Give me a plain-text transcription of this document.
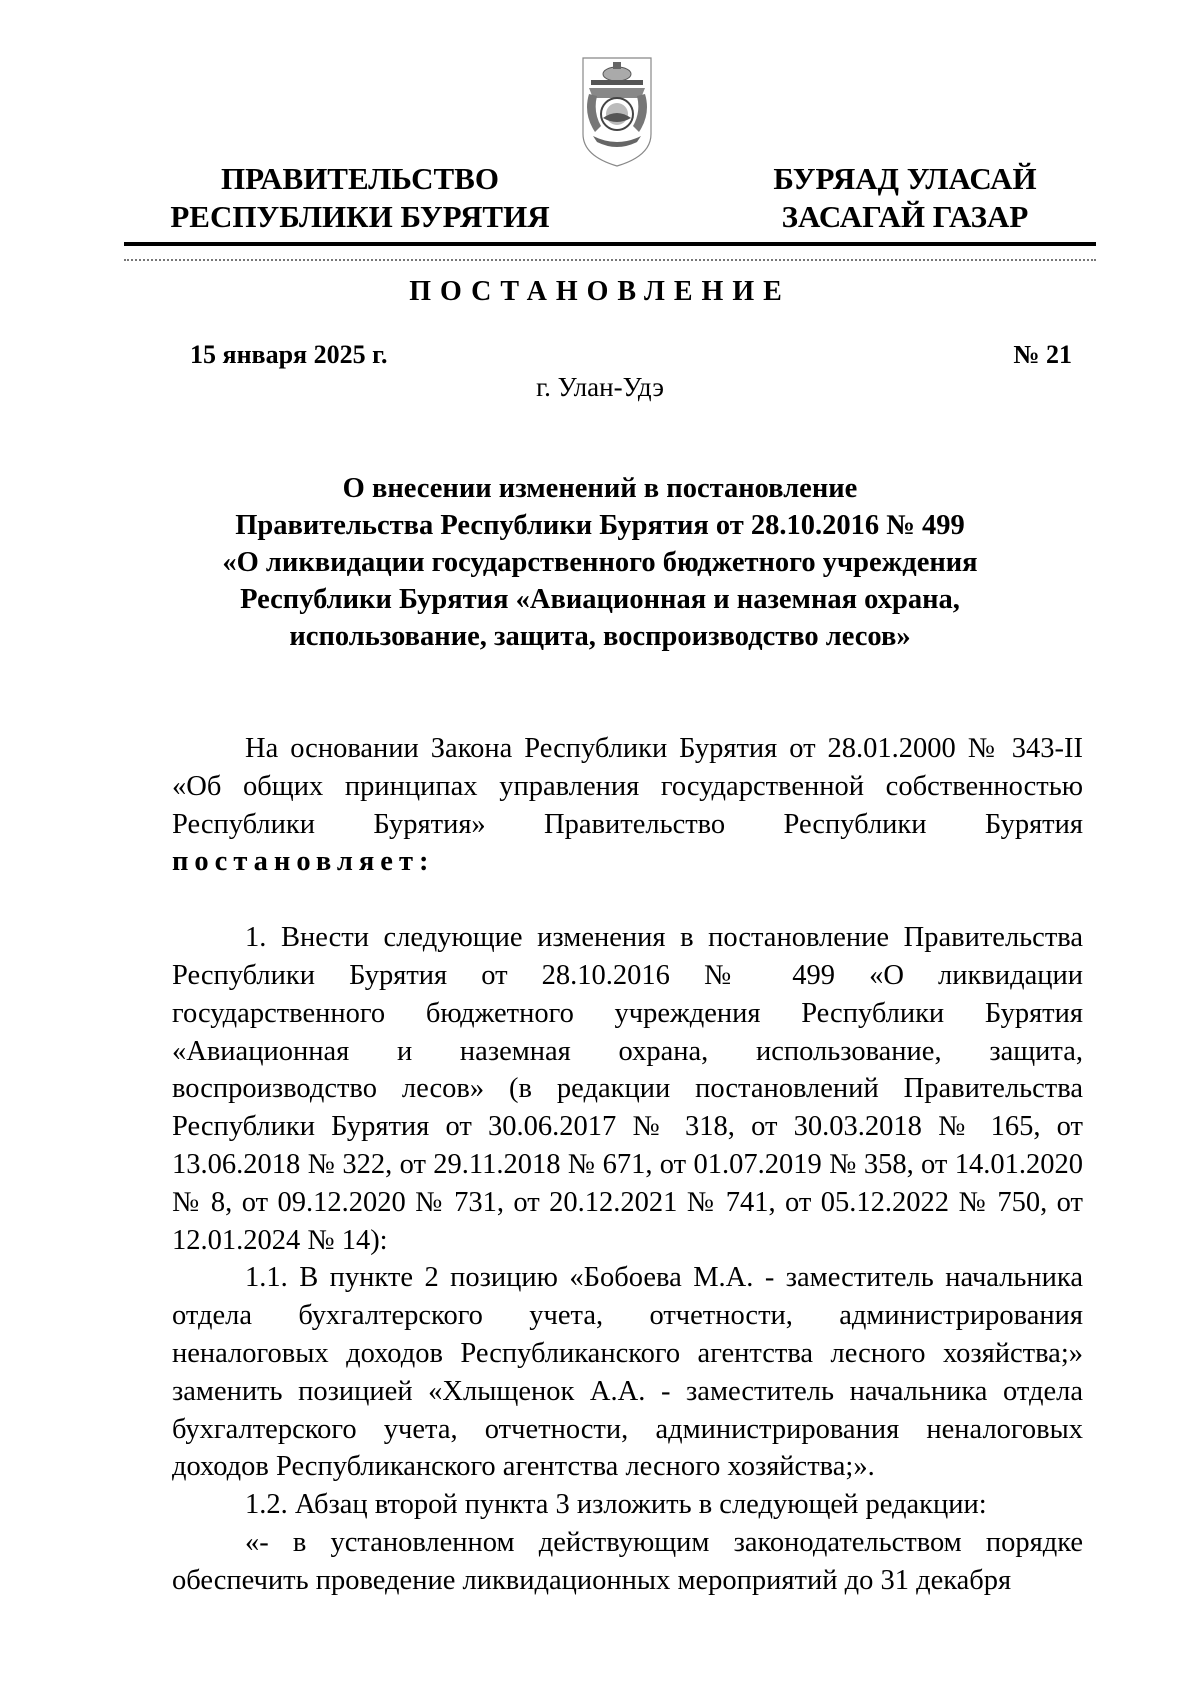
ПРАВИТЕЛЬСТВО
РЕСПУБЛИКИ БУРЯТИЯ
БУРЯАД УЛАСАЙ
ЗАСАГАЙ ГАЗАР
ПОСТАНОВЛЕНИЕ
15 января 2025 г.	№ 21
г. Улан-Удэ
О внесении изменений в постановление
Правительства Республики Бурятия от 28.10.2016 № 499
«О ликвидации государственного бюджетного учреждения
Республики Бурятия «Авиационная и наземная охрана,
использование, защита, воспроизводство лесов»

На основании Закона Республики Бурятия от 28.01.2000 № 343-II «Об общих принципах управления государственной собственностью Республики Бурятия» Правительство Республики Бурятия постановляет:

1. Внести следующие изменения в постановление Правительства Республики Бурятия от 28.10.2016 № 499 «О ликвидации государственного бюджетного учреждения Республики Бурятия «Авиационная и наземная охрана, использование, защита, воспроизводство лесов» (в редакции постановлений Правительства Республики Бурятия от 30.06.2017 № 318, от 30.03.2018 № 165, от 13.06.2018 № 322, от 29.11.2018 № 671, от 01.07.2019 № 358, от 14.01.2020 № 8, от 09.12.2020 № 731, от 20.12.2021 № 741, от 05.12.2022 № 750, от 12.01.2024 № 14):

1.1. В пункте 2 позицию «Бобоева М.А. - заместитель начальника отдела бухгалтерского учета, отчетности, администрирования неналоговых доходов Республиканского агентства лесного хозяйства;» заменить позицией «Хлыщенок А.А. - заместитель начальника отдела бухгалтерского учета, отчетности, администрирования неналоговых доходов Республиканского агентства лесного хозяйства;».

1.2. Абзац второй пункта 3 изложить в следующей редакции:

«- в установленном действующим законодательством порядке обеспечить проведение ликвидационных мероприятий до 31 декабря
